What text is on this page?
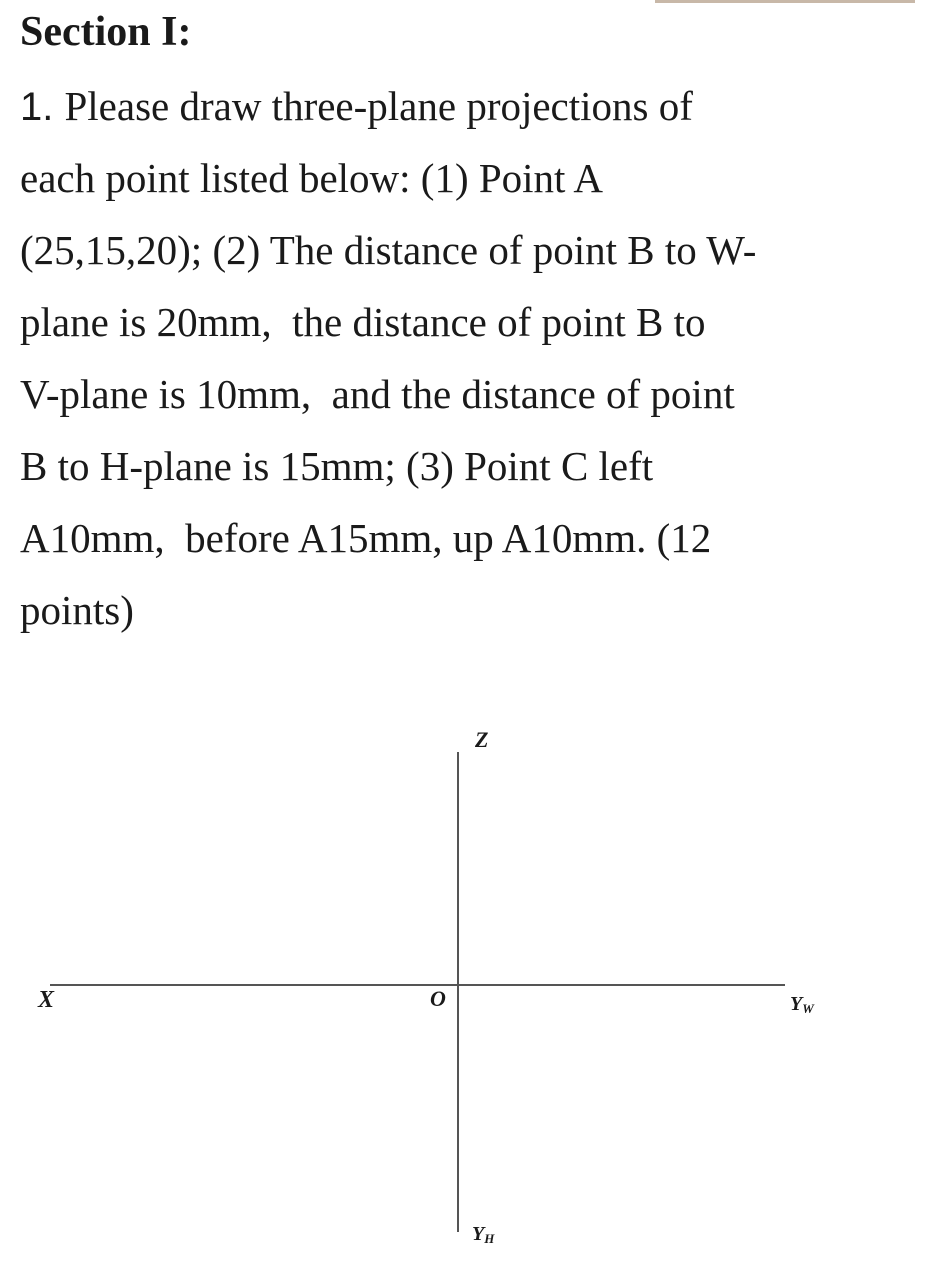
Section I:
1. Please draw three-plane projections of
each point listed below: (1) Point A
(25,15,20); (2) The distance of point B to W-
plane is 20mm,  the distance of point B to
V-plane is 10mm,  and the distance of point
B to H-plane is 15mm; (3) Point C left
A10mm,  before A15mm, up A10mm. (12
points)
Z
X	O	YW
YH
